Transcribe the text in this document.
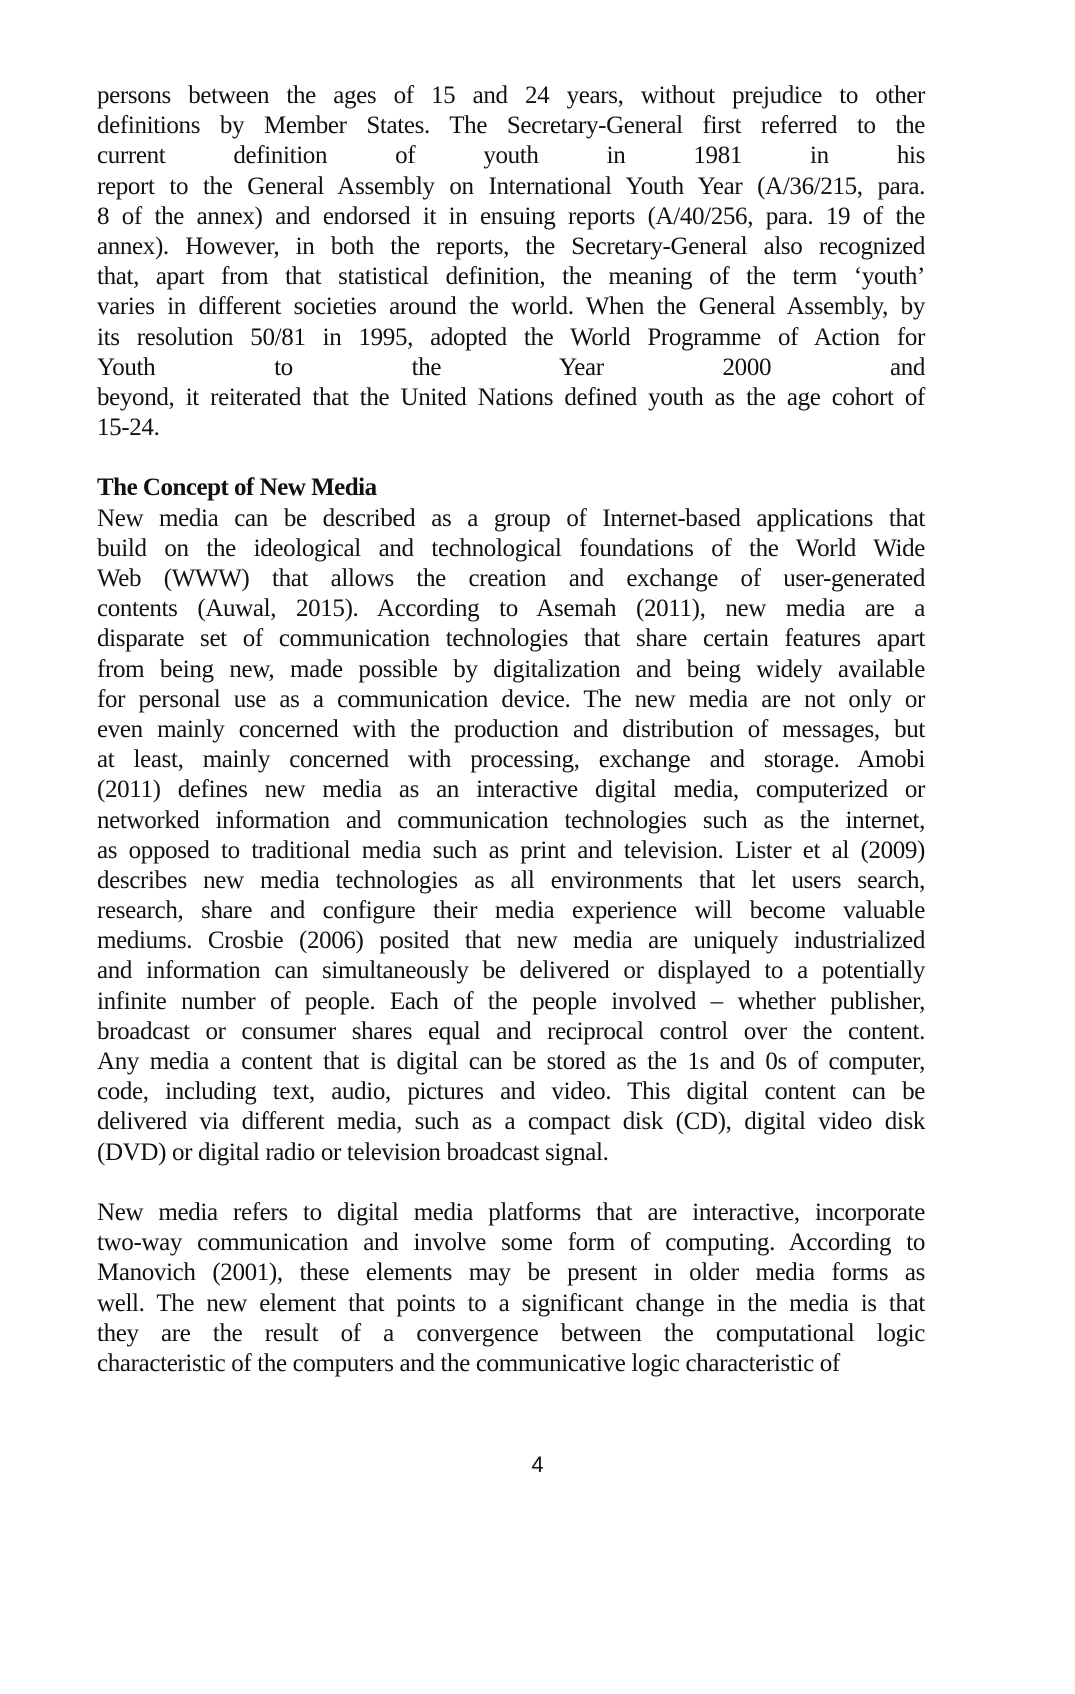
persons between the ages of 15 and 24 years, without prejudice to other
definitions by Member States. The Secretary-General first referred to the
current definition of youth in 1981 in his
report to the General Assembly on International Youth Year (A/36/215, para.
8 of the annex) and endorsed it in ensuing reports (A/40/256, para. 19 of the
annex). However, in both the reports, the Secretary-General also recognized
that, apart from that statistical definition, the meaning of the term ‘youth’
varies in different societies around the world. When the General Assembly, by
its resolution 50/81 in 1995, adopted the World Programme of Action for
Youth to the Year 2000 and
beyond, it reiterated that the United Nations defined youth as the age cohort of
15-24.
The Concept of New Media
New media can be described as a group of Internet-based applications that
build on the ideological and technological foundations of the World Wide
Web (WWW) that allows the creation and exchange of user-generated
contents (Auwal, 2015). According to Asemah (2011), new media are a
disparate set of communication technologies that share certain features apart
from being new, made possible by digitalization and being widely available
for personal use as a communication device. The new media are not only or
even mainly concerned with the production and distribution of messages, but
at least, mainly concerned with processing, exchange and storage. Amobi
(2011) defines new media as an interactive digital media, computerized or
networked information and communication technologies such as the internet,
as opposed to traditional media such as print and television. Lister et al (2009)
describes new media technologies as all environments that let users search,
research, share and configure their media experience will become valuable
mediums. Crosbie (2006) posited that new media are uniquely industrialized
and information can simultaneously be delivered or displayed to a potentially
infinite number of people. Each of the people involved – whether publisher,
broadcast or consumer shares equal and reciprocal control over the content.
Any media a content that is digital can be stored as the 1s and 0s of computer,
code, including text, audio, pictures and video. This digital content can be
delivered via different media, such as a compact disk (CD), digital video disk
(DVD) or digital radio or television broadcast signal.
New media refers to digital media platforms that are interactive, incorporate
two-way communication and involve some form of computing. According to
Manovich (2001), these elements may be present in older media forms as
well. The new element that points to a significant change in the media is that
they are the result of a convergence between the computational logic
characteristic of the computers and the communicative logic characteristic of
4
